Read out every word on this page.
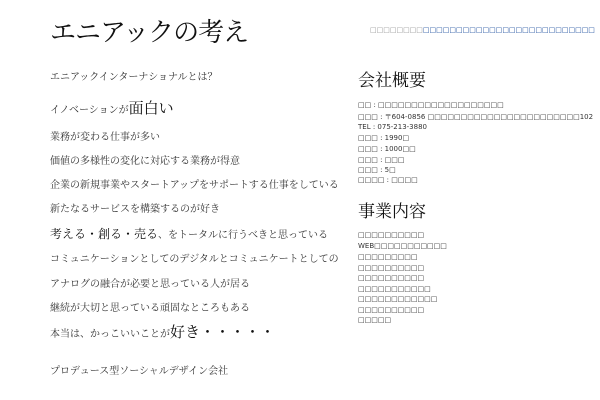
エニアックの考え	□□□□□□□□ □□□□ □□□□□□□□ □□□□□□□□ □□□□□□
エニアックインターナショナルとは？
イノベーションが面白い
業務が変わる仕事が多い
価値の多様性の変化に対応する業務が得意
企業の新規事業やスタートアップをサポートする仕事をしている
新たなるサービスを構築するのが好き
考える・創る・売る、をトータルに行うべきと思っている
コミュニケーションとしてのデジタルとコミュニケートとしての
アナログの融合が必要と思っている人が居る
継続が大切と思っている頑固なところもある
本当は、かっこいいことが好き・・・・・
プロデュース型ソーシャルデザイン会社
会社概要
□□ : □□□□□□□□□□□□□□□□□□□
□□□ : 〒604-0856 □□□□□□□□□□□□□□□□□□□□□□□102
TEL : 075-213-3880
□□□ : 1990□
□□□ : 1000□□
□□□ : □□□
□□□ : 5□
□□□□ : □□□□
事業内容
□□□□□□□□□□
WEB□□□□□□□□□□□
□□□□□□□□□
□□□□□□□□□□
□□□□□□□□□□
□□□□□□□□□□□
□□□□□□□□□□□□
□□□□□□□□□□
□□□□□
